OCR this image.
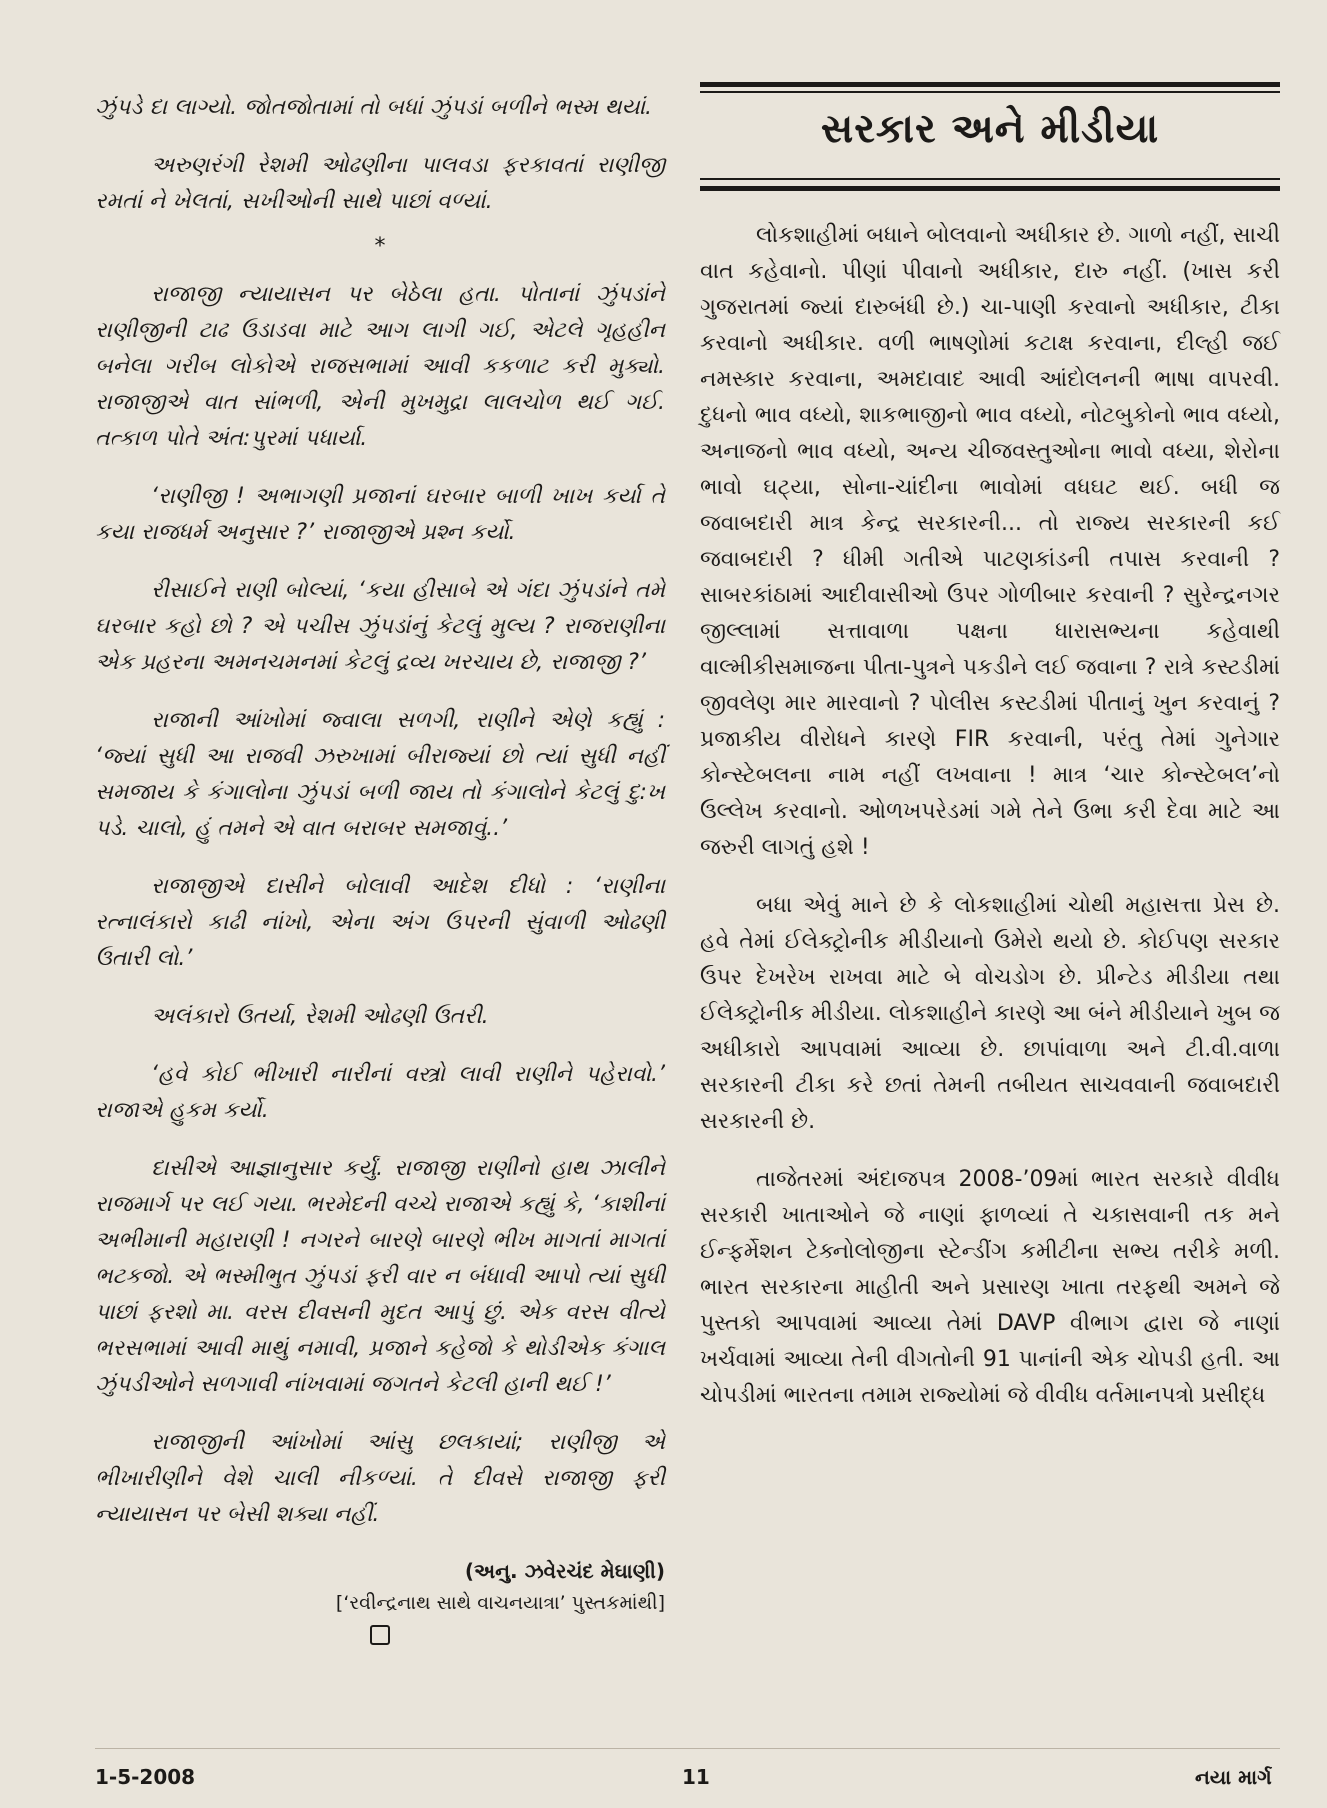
ઝુંપડે દા લાગ્યો. જોતજોતામાં તો બધાં ઝુંપડાં બળીને ભસ્મ થયાં.

અરુણરંગી રેશમી ઓઢણીના પાલવડા ફરકાવતાં રાણીજી રમતાં ને ખેલતાં, સખીઓની સાથે પાછાં વળ્યાં.

*

રાજાજી ન્યાયાસન પર બેઠેલા હતા. પોતાનાં ઝુંપડાંને રાણીજીની ટાઢ ઉડાડવા માટે આગ લાગી ગઈ, એટલે ગૃહહીન બનેલા ગરીબ લોકોએ રાજસભામાં આવી કકળાટ કરી મુક્યો. રાજાજીએ વાત સાંભળી, એની મુખમુદ્રા લાલચોળ થઈ ગઈ. તત્કાળ પોતે અંત:પુરમાં પધાર્યા.

‘રાણીજી ! અભાગણી પ્રજાનાં ઘરબાર બાળી ખાખ કર્યા તે કયા રાજધર્મ અનુસાર ?’ રાજાજીએ પ્રશ્ન કર્યો.

રીસાઈને રાણી બોલ્યાં, ‘કયા હીસાબે એ ગંદા ઝુંપડાંને તમે ઘરબાર કહો છો ? એ પચીસ ઝુંપડાંનું કેટલું મુલ્ય ? રાજરાણીના એક પ્રહરના અમનચમનમાં કેટલું દ્રવ્ય ખરચાય છે, રાજાજી ?’

રાજાની આંખોમાં જ્વાલા સળગી, રાણીને એણે કહ્યું : ‘જ્યાં સુધી આ રાજવી ઝરુખામાં બીરાજ્યાં છો ત્યાં સુધી નહીં સમજાય કે કંગાલોના ઝુંપડાં બળી જાય તો કંગાલોને કેટલું દુ:ખ પડે. ચાલો, હું તમને એ વાત બરાબર સમજાવું..’

રાજાજીએ દાસીને બોલાવી આદેશ દીધો : ‘રાણીના રત્નાલંકારો કાઢી નાંખો, એના અંગ ઉપરની સુંવાળી ઓઢણી ઉતારી લો.’

અલંકારો ઉતર્યા, રેશમી ઓઢણી ઉતરી.

‘હવે કોઈ ભીખારી નારીનાં વસ્ત્રો લાવી રાણીને પહેરાવો.’ રાજાએ હુકમ કર્યો.

દાસીએ આજ્ઞાનુસાર કર્યું. રાજાજી રાણીનો હાથ ઝાલીને રાજમાર્ગ પર લઈ ગયા. ભરમેદની વચ્ચે રાજાએ કહ્યું કે, ‘કાશીનાં અભીમાની મહારાણી ! નગરને બારણે બારણે ભીખ માગતાં માગતાં ભટકજો. એ ભસ્મીભુત ઝુંપડાં ફરી વાર ન બંધાવી આપો ત્યાં સુધી પાછાં ફરશો મા. વરસ દીવસની મુદત આપું છું. એક વરસ વીત્યે ભરસભામાં આવી માથું નમાવી, પ્રજાને કહેજો કે થોડીએક કંગાલ ઝુંપડીઓને સળગાવી નાંખવામાં જગતને કેટલી હાની થઈ !’

રાજાજીની આંખોમાં આંસુ છલકાયાં; રાણીજી એ ભીખારીણીને વેશે ચાલી નીકળ્યાં. તે દીવસે રાજાજી ફરી ન્યાયાસન પર બેસી શક્યા નહીં.

(અનુ. ઝવેરચંદ મેઘાણી)
[‘રવીન્દ્રનાથ સાથે વાચનયાત્રા’ પુસ્તકમાંથી]
સરકાર અને મીડીયા

લોકશાહીમાં બધાને બોલવાનો અધીકાર છે. ગાળો નહીં, સાચી વાત કહેવાનો. પીણાં પીવાનો અધીકાર, દારુ નહીં. (ખાસ કરી ગુજરાતમાં જ્યાં દારુબંધી છે.) ચા-પાણી કરવાનો અધીકાર, ટીકા કરવાનો અધીકાર. વળી ભાષણોમાં કટાક્ષ કરવાના, દીલ્હી જઈ નમસ્કાર કરવાના, અમદાવાદ આવી આંદોલનની ભાષા વાપરવી. દુધનો ભાવ વધ્યો, શાકભાજીનો ભાવ વધ્યો, નોટબુકોનો ભાવ વધ્યો, અનાજનો ભાવ વધ્યો, અન્ય ચીજવસ્તુઓના ભાવો વધ્યા, શેરોના ભાવો ઘટ્યા, સોના-ચાંદીના ભાવોમાં વધઘટ થઈ. બધી જ જવાબદારી માત્ર કેન્દ્ર સરકારની... તો રાજ્ય સરકારની કઈ જવાબદારી ? ધીમી ગતીએ પાટણકાંડની તપાસ કરવાની ? સાબરકાંઠામાં આદીવાસીઓ ઉપર ગોળીબાર કરવાની ? સુરેન્દ્રનગર જીલ્લામાં સત્તાવાળા પક્ષના ધારાસભ્યના કહેવાથી વાલ્મીકીસમાજના પીતા-પુત્રને પકડીને લઈ જવાના ? રાત્રે કસ્ટડીમાં જીવલેણ માર મારવાનો ? પોલીસ કસ્ટડીમાં પીતાનું ખુન કરવાનું ? પ્રજાકીય વીરોધને કારણે FIR કરવાની, પરંતુ તેમાં ગુનેગાર કોન્સ્ટેબલના નામ નહીં લખવાના ! માત્ર ‘ચાર કોન્સ્ટેબલ’નો ઉલ્લેખ કરવાનો. ઓળખપરેડમાં ગમે તેને ઉભા કરી દેવા માટે આ જરુરી લાગતું હશે !

બધા એવું માને છે કે લોકશાહીમાં ચોથી મહાસત્તા પ્રેસ છે. હવે તેમાં ઈલેક્ટ્રોનીક મીડીયાનો ઉમેરો થયો છે. કોઈપણ સરકાર ઉપર દેખરેખ રાખવા માટે બે વોચડોગ છે. પ્રીન્ટેડ મીડીયા તથા ઈલેક્ટ્રોનીક મીડીયા. લોકશાહીને કારણે આ બંને મીડીયાને ખુબ જ અધીકારો આપવામાં આવ્યા છે. છાપાંવાળા અને ટી.વી.વાળા સરકારની ટીકા કરે છતાં તેમની તબીયત સાચવવાની જવાબદારી સરકારની છે.

તાજેતરમાં અંદાજપત્ર 2008-’09માં ભારત સરકારે વીવીધ સરકારી ખાતાઓને જે નાણાં ફાળવ્યાં તે ચકાસવાની તક મને ઈન્ફર્મેશન ટેક્નોલોજીના સ્ટેન્ડીંગ કમીટીના સભ્ય તરીકે મળી. ભારત સરકારના માહીતી અને પ્રસારણ ખાતા તરફથી અમને જે પુસ્તકો આપવામાં આવ્યા તેમાં DAVP વીભાગ દ્વારા જે નાણાં ખર્ચવામાં આવ્યા તેની વીગતોની 91 પાનાંની એક ચોપડી હતી. આ ચોપડીમાં ભારતના તમામ રાજ્યોમાં જે વીવીધ વર્તમાનપત્રો પ્રસીદ્ધ

1-5-2008	11	નયા માર્ગ
